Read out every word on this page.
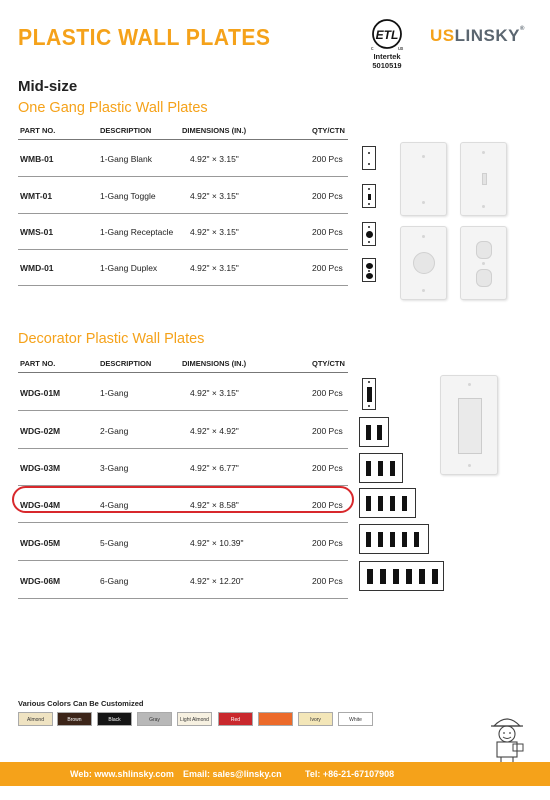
PLASTIC WALL PLATES	ETL
c	us
Intertek
5010519
USLINSKY®
Mid-size
One Gang Plastic Wall Plates
PART NO.	DESCRIPTION	DIMENSIONS (IN.)	QTY/CTN
WMB-01	1-Gang Blank	4.92" × 3.15"	200 Pcs
WMT-01	1-Gang Toggle	4.92" × 3.15"	200 Pcs
WMS-01	1-Gang Receptacle 4.92" × 3.15"	200 Pcs
WMD-01	1-Gang Duplex	4.92" × 3.15"	200 Pcs
Decorator Plastic Wall Plates
PART NO.	DESCRIPTION	DIMENSIONS (IN.)	QTY/CTN
WDG-01M	1-Gang	4.92" × 3.15"	200 Pcs
WDG-02M	2-Gang	4.92" × 4.92"	200 Pcs
WDG-03M	3-Gang	4.92" × 6.77"	200 Pcs
WDG-04M	4-Gang	4.92" × 8.58"	200 Pcs
WDG-05M	5-Gang	4.92" × 10.39"	200 Pcs
WDG-06M	6-Gang	4.92" × 12.20"	200 Pcs
Various Colors Can Be Customized
Almond	Brown	Black	Gray	Light Almond	Red	Ivory	White
Web: www.shlinsky.com Email: sales@linsky.cn	Tel: +86-21-67107908
